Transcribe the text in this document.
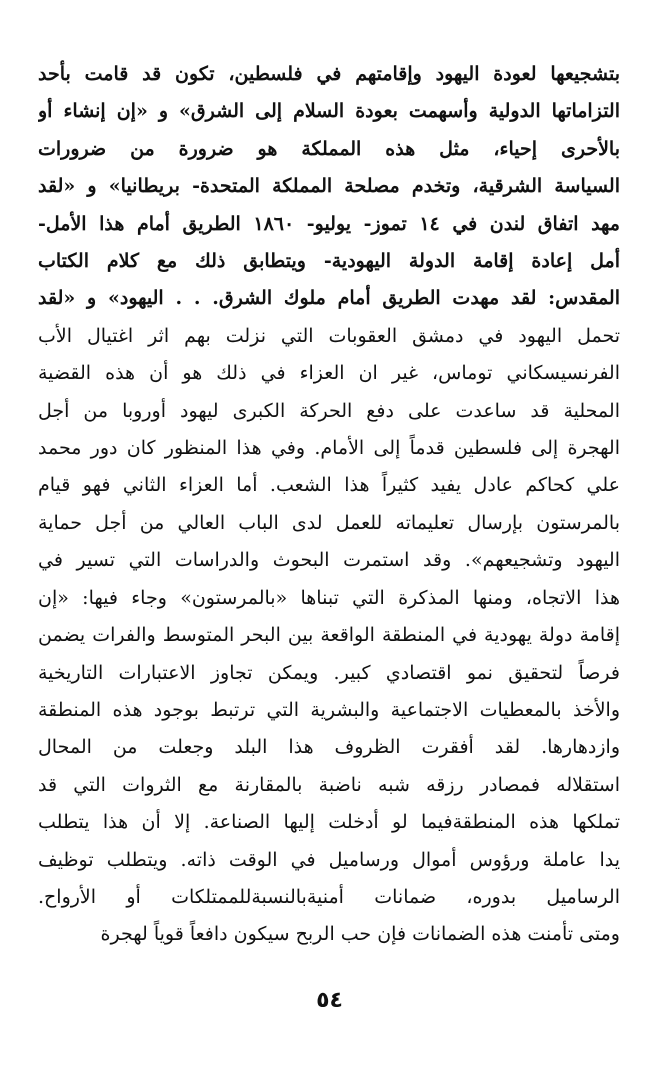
بتشجيعها لعودة اليهود وإقامتهم في فلسطين، تكون قد قامت بأحد
التزاماتها الدولية وأسهمت بعودة السلام إلى الشرق» و «إن إنشاء أو
بالأحرى إحياء، مثل هذه المملكة هو ضرورة من ضرورات
السياسة الشرقية، وتخدم مصلحة المملكة المتحدة- بريطانيا» و «لقد
مهد اتفاق لندن في ١٤ تموز- يوليو- ١٨٦٠ الطريق أمام هذا الأمل-
أمل إعادة إقامة الدولة اليهودية- ويتطابق ذلك مع كلام الكتاب
المقدس: لقد مهدت الطريق أمام ملوك الشرق. . . اليهود» و «لقد
تحمل اليهود في دمشق العقوبات التي نزلت بهم اثر اغتيال الأب
الفرنسيسكاني توماس، غير ان العزاء في ذلك هو أن هذه القضية
المحلية قد ساعدت على دفع الحركة الكبرى ليهود أوروبا من أجل
الهجرة إلى فلسطين قدماً إلى الأمام. وفي هذا المنظور كان دور محمد
علي كحاكم عادل يفيد كثيراً هذا الشعب. أما العزاء الثاني فهو قيام
بالمرستون بإرسال تعليماته للعمل لدى الباب العالي من أجل حماية
اليهود وتشجيعهم». وقد استمرت البحوث والدراسات التي تسير في
هذا الاتجاه، ومنها المذكرة التي تبناها «بالمرستون» وجاء فيها: «إن
إقامة دولة يهودية في المنطقة الواقعة بين البحر المتوسط والفرات يضمن
فرصاً لتحقيق نمو اقتصادي كبير. ويمكن تجاوز الاعتبارات التاريخية
والأخذ بالمعطيات الاجتماعية والبشرية التي ترتبط بوجود هذه المنطقة
وازدهارها. لقد أفقرت الظروف هذا البلد وجعلت من المحال
استقلاله فمصادر رزقه شبه ناضبة بالمقارنة مع الثروات التي قد
تملكها هذه المنطقةفيما لو أدخلت إليها الصناعة. إلا أن هذا يتطلب
يدا عاملة ورؤوس أموال ورساميل في الوقت ذاته. ويتطلب توظيف
الرساميل بدوره، ضمانات أمنيةبالنسبةللممتلكات أو الأرواح.
ومتى تأمنت هذه الضمانات فإن حب الربح سيكون دافعاً قوياً لهجرة
٥٤
